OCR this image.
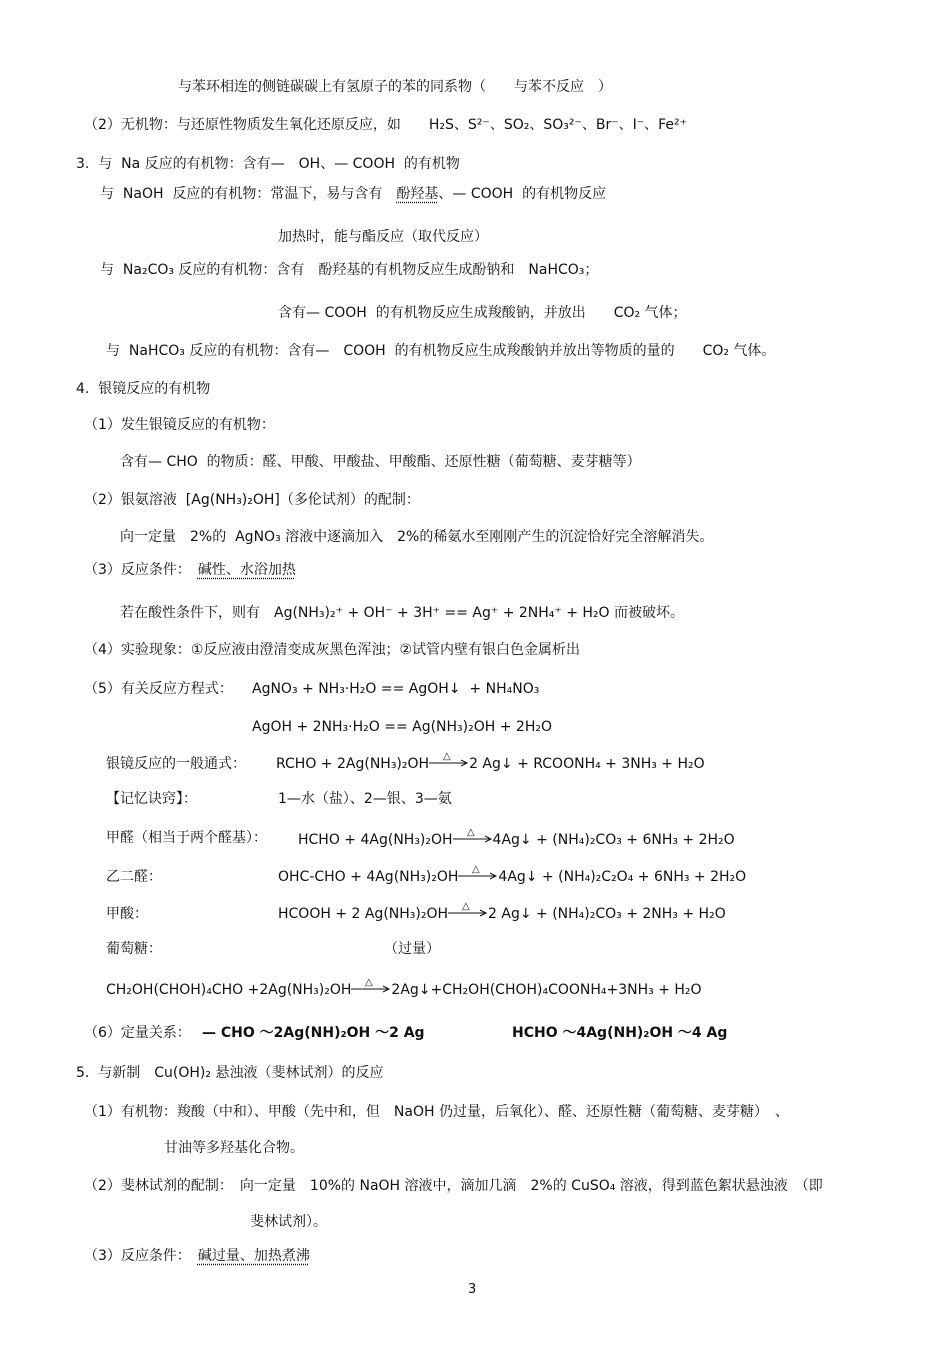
与苯环相连的侧链碳碳上有氢原子的苯的同系物（　　与苯不反应　）
（2）无机物：与还原性物质发生氧化还原反应，如　　H₂S、S²⁻、SO₂、SO₃²⁻、Br⁻、I⁻、Fe²⁺
3.  与  Na 反应的有机物：含有—　OH、— COOH  的有机物
与  NaOH  反应的有机物：常温下，易与含有　酚羟基、— COOH  的有机物反应
加热时，能与酯反应（取代反应）
与  Na₂CO₃ 反应的有机物：含有　酚羟基的有机物反应生成酚钠和　NaHCO₃；
含有— COOH  的有机物反应生成羧酸钠，并放出　　CO₂ 气体；
与  NaHCO₃ 反应的有机物：含有—　COOH  的有机物反应生成羧酸钠并放出等物质的量的　　CO₂ 气体。
4.  银镜反应的有机物
（1）发生银镜反应的有机物：
含有— CHO  的物质：醛、甲酸、甲酸盐、甲酸酯、还原性糖（葡萄糖、麦芽糖等）
（2）银氨溶液  [Ag(NH₃)₂OH]（多伦试剂）的配制：
向一定量　2%的  AgNO₃ 溶液中逐滴加入　2%的稀氨水至刚刚产生的沉淀恰好完全溶解消失。
（3）反应条件：　碱性、水浴加热
若在酸性条件下，则有　Ag(NH₃)₂⁺ + OH⁻ + 3H⁺ == Ag⁺ + 2NH₄⁺ + H₂O 而被破坏。
（4）实验现象：①反应液由澄清变成灰黑色浑浊；②试管内壁有银白色金属析出
（5）有关反应方程式： AgNO₃ + NH₃·H₂O == AgOH↓  + NH₄NO₃
AgOH + 2NH₃·H₂O == Ag(NH₃)₂OH + 2H₂O
银镜反应的一般通式： RCHO + 2Ag(NH₃)₂OH △ 2 Ag↓ + RCOONH₄ + 3NH₃ + H₂O
【记忆诀窍】：	1—水（盐）、2—银、3—氨
甲醛（相当于两个醛基）： HCHO + 4Ag(NH₃)₂OH △ 4Ag↓ + (NH₄)₂CO₃ + 6NH₃ + 2H₂O
乙二醛：	OHC-CHO + 4Ag(NH₃)₂OH △ 4Ag↓ + (NH₄)₂C₂O₄ + 6NH₃ + 2H₂O
甲酸：	HCOOH + 2 Ag(NH₃)₂OH △ 2 Ag↓ + (NH₄)₂CO₃ + 2NH₃ + H₂O
葡萄糖：	（过量）
CH₂OH(CHOH)₄CHO +2Ag(NH₃)₂OH △ 2Ag↓+CH₂OH(CHOH)₄COONH₄+3NH₃ + H₂O
（6）定量关系： — CHO ～2Ag(NH)₂OH ～2 Ag	HCHO ～4Ag(NH)₂OH ～4 Ag
5.  与新制　Cu(OH)₂ 悬浊液（斐林试剂）的反应
（1）有机物：羧酸（中和）、甲酸（先中和，但　NaOH 仍过量，后氧化）、醛、还原性糖（葡萄糖、麦芽糖）　、
甘油等多羟基化合物。
（2）斐林试剂的配制：　向一定量　10%的 NaOH 溶液中，滴加几滴　2%的 CuSO₄ 溶液，得到蓝色絮状悬浊液　（即
斐林试剂）。
（3）反应条件：　碱过量、加热煮沸
3
